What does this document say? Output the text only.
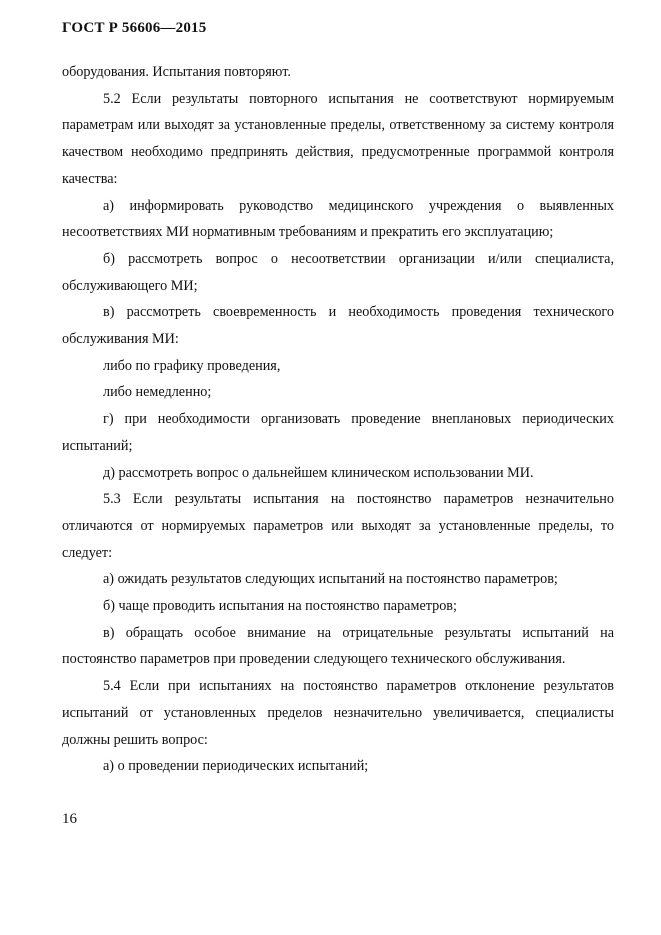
ГОСТ Р 56606—2015

оборудования. Испытания повторяют.

5.2 Если результаты повторного испытания не соответствуют нормируемым параметрам или выходят за установленные пределы, ответственному за систему контроля качеством необходимо предпринять действия, предусмотренные программой контроля качества:

а) информировать руководство медицинского учреждения о выявленных несоответствиях МИ нормативным требованиям и прекратить его эксплуатацию;

б) рассмотреть вопрос о несоответствии организации и/или специалиста, обслуживающего МИ;

в) рассмотреть своевременность и необходимость проведения технического обслуживания МИ:

либо по графику проведения,

либо немедленно;

г) при необходимости организовать проведение внеплановых периодических испытаний;

д) рассмотреть вопрос о дальнейшем клиническом использовании МИ.

5.3 Если результаты испытания на постоянство параметров незначительно отличаются от нормируемых параметров или выходят за установленные пределы, то следует:

а) ожидать результатов следующих испытаний на постоянство параметров;

б) чаще проводить испытания на постоянство параметров;

в) обращать особое внимание на отрицательные результаты испытаний на постоянство параметров при проведении следующего технического обслуживания.

5.4 Если при испытаниях на постоянство параметров отклонение результатов испытаний от установленных пределов незначительно увеличивается, специалисты должны решить вопрос:

а) о проведении периодических испытаний;

16
